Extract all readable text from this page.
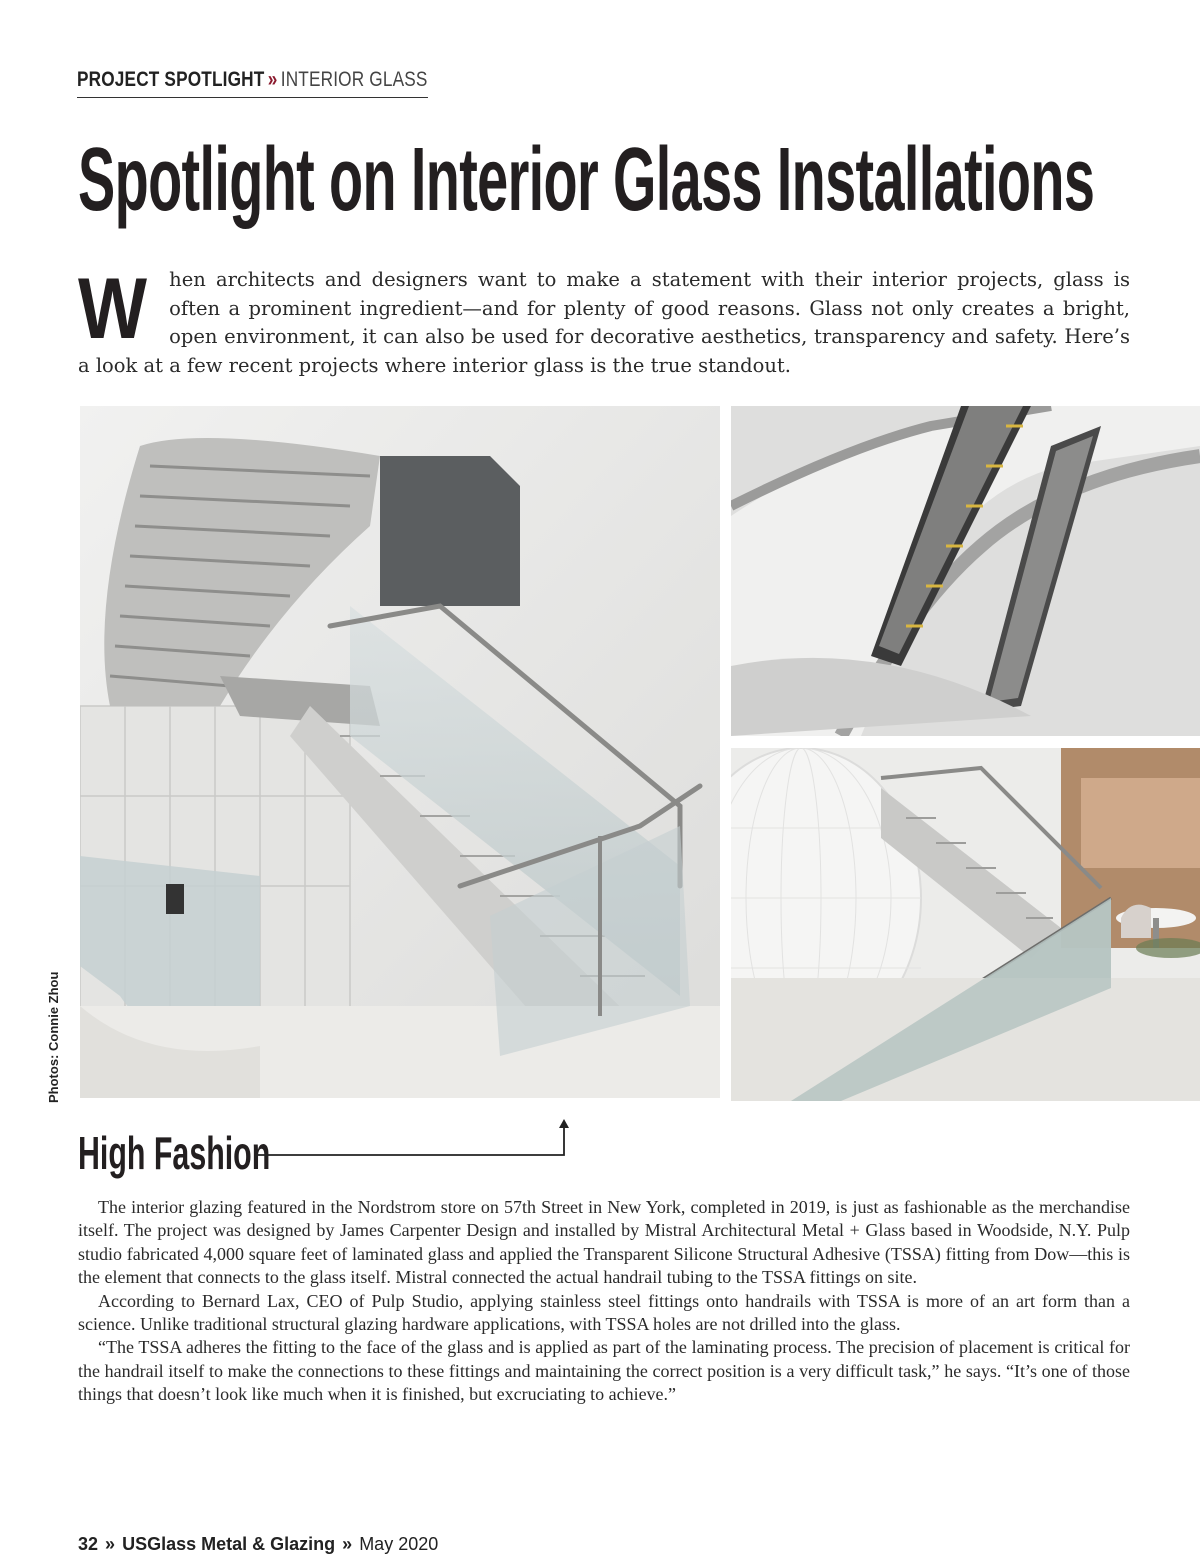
PROJECT SPOTLIGHT » INTERIOR GLASS
Spotlight on Interior Glass Installations
W hen architects and designers want to make a statement with their interior projects, glass is often a prominent ingredient—and for plenty of good reasons. Glass not only creates a bright, open environment, it can also be used for decorative aesthetics, transparency and safety. Here’s a look at a few recent projects where interior glass is the true standout.
Photos: Connie Zhou
High Fashion

The interior glazing featured in the Nordstrom store on 57th Street in New York, completed in 2019, is just as fashionable as the merchandise itself. The project was designed by James Carpenter Design and installed by Mistral Architectural Metal + Glass based in Woodside, N.Y. Pulp studio fabricated 4,000 square feet of laminated glass and applied the Transparent Silicone Structural Adhesive (TSSA) fitting from Dow—this is the element that connects to the glass itself. Mistral connected the actual handrail tubing to the TSSA fittings on site.

According to Bernard Lax, CEO of Pulp Studio, applying stainless steel fittings onto handrails with TSSA is more of an art form than a science. Unlike traditional structural glazing hardware applications, with TSSA holes are not drilled into the glass.

“The TSSA adheres the fitting to the face of the glass and is applied as part of the laminating process. The precision of placement is critical for the handrail itself to make the connections to these fittings and maintaining the correct position is a very difficult task,” he says. “It’s one of those things that doesn’t look like much when it is finished, but excruciating to achieve.”

32 » USGlass Metal & Glazing » May 2020
